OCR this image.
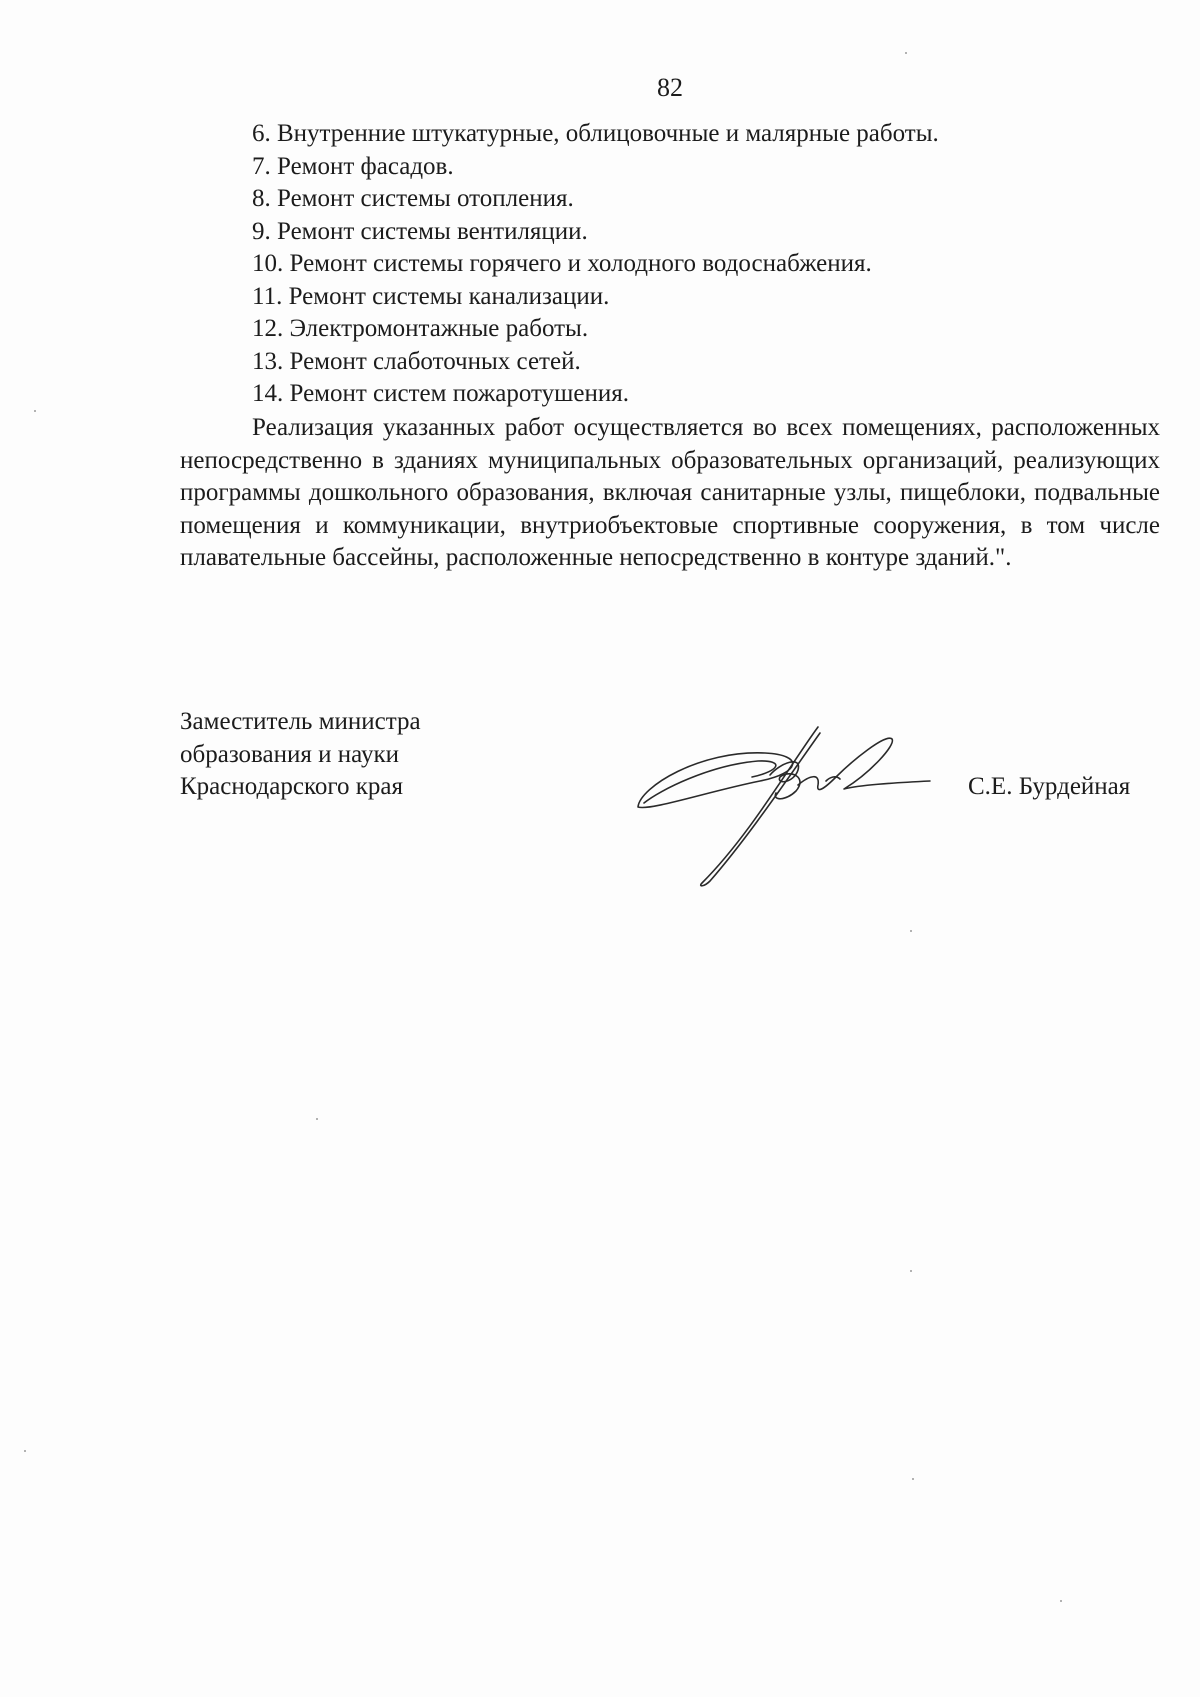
82
6. Внутренние штукатурные, облицовочные и малярные работы.
7. Ремонт фасадов.
8. Ремонт системы отопления.
9. Ремонт системы вентиляции.
10. Ремонт системы горячего и холодного водоснабжения.
11. Ремонт системы канализации.
12. Электромонтажные работы.
13. Ремонт слаботочных сетей.
14. Ремонт систем пожаротушения.

Реализация указанных работ осуществляется во всех помещениях, расположенных непосредственно в зданиях муниципальных образовательных организаций, реализующих программы дошкольного образования, включая санитарные узлы, пищеблоки, подвальные помещения и коммуникации, внутриобъектовые спортивные сооружения, в том числе плавательные бассейны, расположенные непосредственно в контуре зданий.".

Заместитель министра
образования и науки
Краснодарского края	С.Е. Бурдейная
